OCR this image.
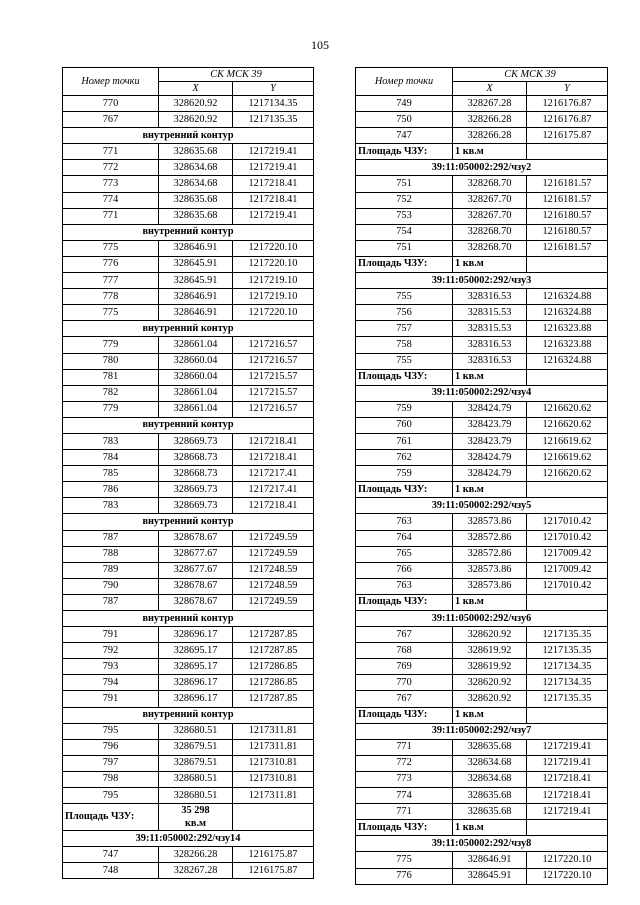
105
Номер точки	СК МСК 39	
	X	Y
770	328620.92	1217134.35
767	328620.92	1217135.35
внутренний контур		
771	328635.68	1217219.41
772	328634.68	1217219.41
773	328634.68	1217218.41
774	328635.68	1217218.41
771	328635.68	1217219.41
внутренний контур		
775	328646.91	1217220.10
776	328645.91	1217220.10
777	328645.91	1217219.10
778	328646.91	1217219.10
775	328646.91	1217220.10
внутренний контур		
779	328661.04	1217216.57
780	328660.04	1217216.57
781	328660.04	1217215.57
782	328661.04	1217215.57
779	328661.04	1217216.57
внутренний контур		
783	328669.73	1217218.41
784	328668.73	1217218.41
785	328668.73	1217217.41
786	328669.73	1217217.41
783	328669.73	1217218.41
внутренний контур		
787	328678.67	1217249.59
788	328677.67	1217249.59
789	328677.67	1217248.59
790	328678.67	1217248.59
787	328678.67	1217249.59
внутренний контур		
791	328696.17	1217287.85
792	328695.17	1217287.85
793	328695.17	1217286.85
794	328696.17	1217286.85
791	328696.17	1217287.85
внутренний контур		
795	328680.51	1217311.81
796	328679.51	1217311.81
797	328679.51	1217310.81
798	328680.51	1217310.81
795	328680.51	1217311.81
Площадь ЧЗУ:	35 298
кв.м	

39:11:050002:292/чзу14		
747	328266.28	1216175.87
748	328267.28	1216175.87
Номер точки	СК МСК 39	
	X	Y
749	328267.28	1216176.87
750	328266.28	1216176.87
747	328266.28	1216175.87
Площадь ЧЗУ:	1 кв.м	
39:11:050002:292/чзу2		
751	328268.70	1216181.57
752	328267.70	1216181.57
753	328267.70	1216180.57
754	328268.70	1216180.57
751	328268.70	1216181.57
Площадь ЧЗУ:	1 кв.м	
39:11:050002:292/чзу3		
755	328316.53	1216324.88
756	328315.53	1216324.88
757	328315.53	1216323.88
758	328316.53	1216323.88
755	328316.53	1216324.88
Площадь ЧЗУ:	1 кв.м	
39:11:050002:292/чзу4		
759	328424.79	1216620.62
760	328423.79	1216620.62
761	328423.79	1216619.62
762	328424.79	1216619.62
759	328424.79	1216620.62
Площадь ЧЗУ:	1 кв.м	
39:11:050002:292/чзу5		
763	328573.86	1217010.42
764	328572.86	1217010.42
765	328572.86	1217009.42
766	328573.86	1217009.42
763	328573.86	1217010.42
Площадь ЧЗУ:	1 кв.м	
39:11:050002:292/чзу6		
767	328620.92	1217135.35
768	328619.92	1217135.35
769	328619.92	1217134.35
770	328620.92	1217134.35
767	328620.92	1217135.35
Площадь ЧЗУ:	1 кв.м	
39:11:050002:292/чзу7		
771	328635.68	1217219.41
772	328634.68	1217219.41
773	328634.68	1217218.41
774	328635.68	1217218.41
771	328635.68	1217219.41
Площадь ЧЗУ:	1 кв.м	
39:11:050002:292/чзу8		
775	328646.91	1217220.10
776	328645.91	1217220.10
